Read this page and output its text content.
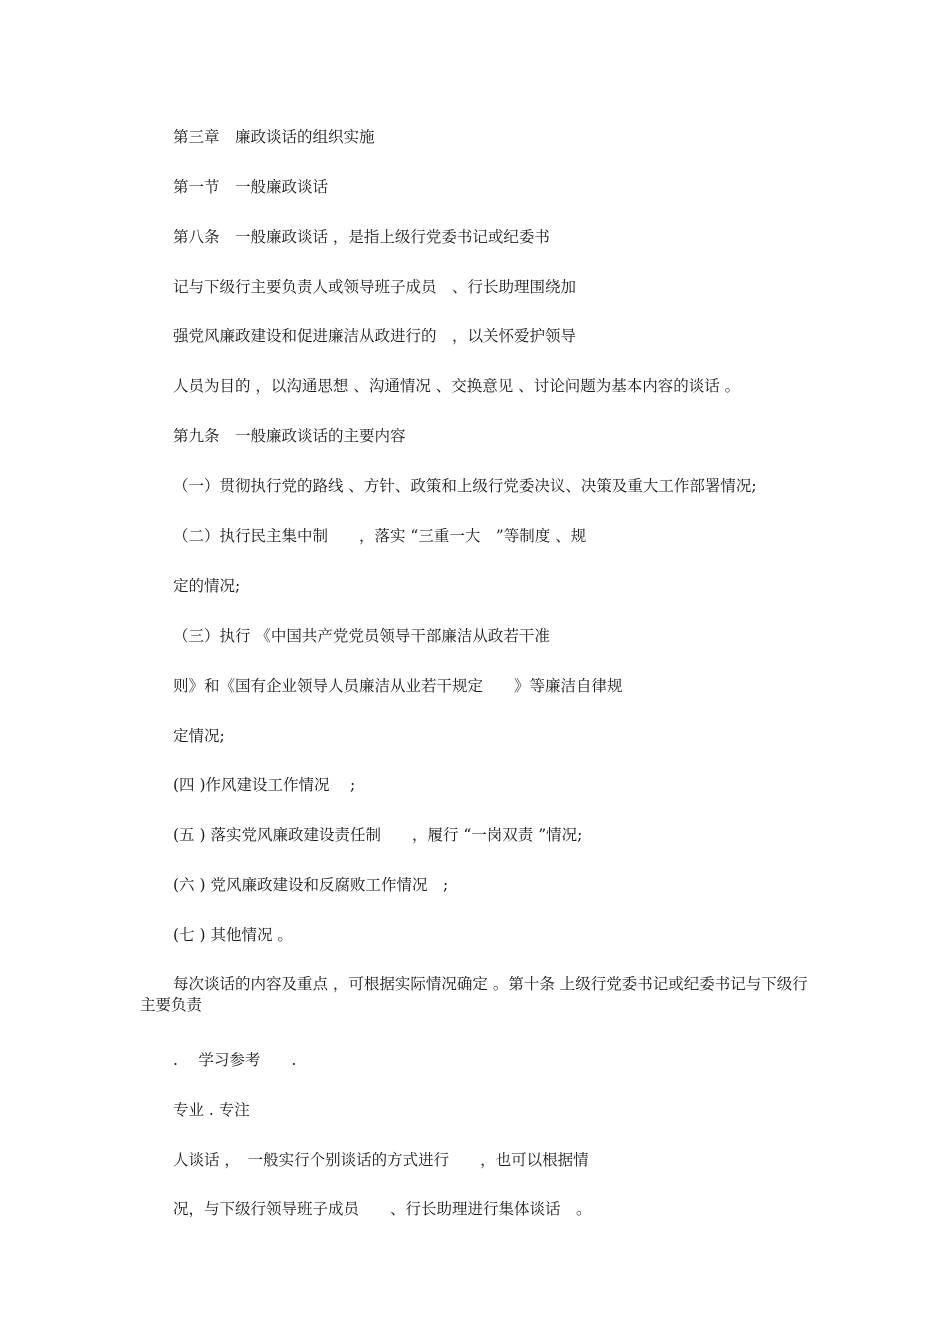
第三章　廉政谈话的组织实施
第一节　一般廉政谈话
第八条　一般廉政谈话 ，是指上级行党委书记或纪委书
记与下级行主要负责人或领导班子成员　、行长助理围绕加
强党风廉政建设和促进廉洁从政进行的　，以关怀爱护领导
人员为目的 ，以沟通思想 、沟通情况 、交换意见 、讨论问题为基本内容的谈话 。
第九条　一般廉政谈话的主要内容
（一）贯彻执行党的路线 、方针、政策和上级行党委决议、决策及重大工作部署情况;
（二）执行民主集中制　　，落实 “三重一大　”等制度 、规
定的情况;
（三）执行 《中国共产党党员领导干部廉洁从政若干准
则》和《国有企业领导人员廉洁从业若干规定　　》等廉洁自律规
定情况;
(四 )作风建设工作情况　 ;
(五 ) 落实党风廉政建设责任制　　，履行 “一岗双责 ”情况;
(六 ) 党风廉政建设和反腐败工作情况　;
(七 ) 其他情况 。
每次谈话的内容及重点 ，可根据实际情况确定 。第十条 上级行党委书记或纪委书记与下级行主要负责
.　 学习参考　　.
专业 . 专注
人谈话 ，　一般实行个别谈话的方式进行　　，也可以根据情
况，与下级行领导班子成员　　、行长助理进行集体谈话　。
